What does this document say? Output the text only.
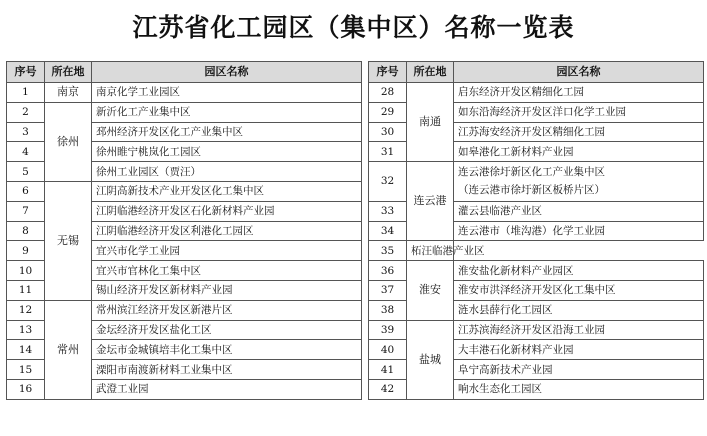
江苏省化工园区（集中区）名称一览表
序号	所在地	园区名称		序号	所在地	园区名称
1	南京	南京化学工业园区		28	南通	启东经济开发区精细化工园
2	徐州	新沂化工产业集中区		29		如东沿海经济开发区洋口化学工业园
3		邳州经济开发区化工产业集中区		30		江苏海安经济开发区精细化工园
4		徐州睢宁桃岚化工园区		31		如皋港化工新材料产业园
5		徐州工业园区（贾汪）		32	连云港	连云港徐圩新区化工产业集中区
（连云港市徐圩新区板桥片区）

6	无锡	江阴高新技术产业开发区化工集中区				
7		江阴临港经济开发区石化新材料产业园		33		灌云县临港产业区
8		江阴临港经济开发区利港化工园区		34		连云港市（堆沟港）化学工业园
9		宜兴市化学工业园		35	柘汪临港产业区	
10		宜兴市官林化工集中区		36	淮安	淮安盐化新材料产业园区
11		锡山经济开发区新材料产业园		37		淮安市洪泽经济开发区化工集中区
12	常州	常州滨江经济开发区新港片区		38		涟水县薛行化工园区
13		金坛经济开发区盐化工区		39	盐城	江苏滨海经济开发区沿海工业园
14		金坛市金城镇培丰化工集中区		40		大丰港石化新材料产业园
15		溧阳市南渡新材料工业集中区		41		阜宁高新技术产业园
16		武澄工业园		42		响水生态化工园区
